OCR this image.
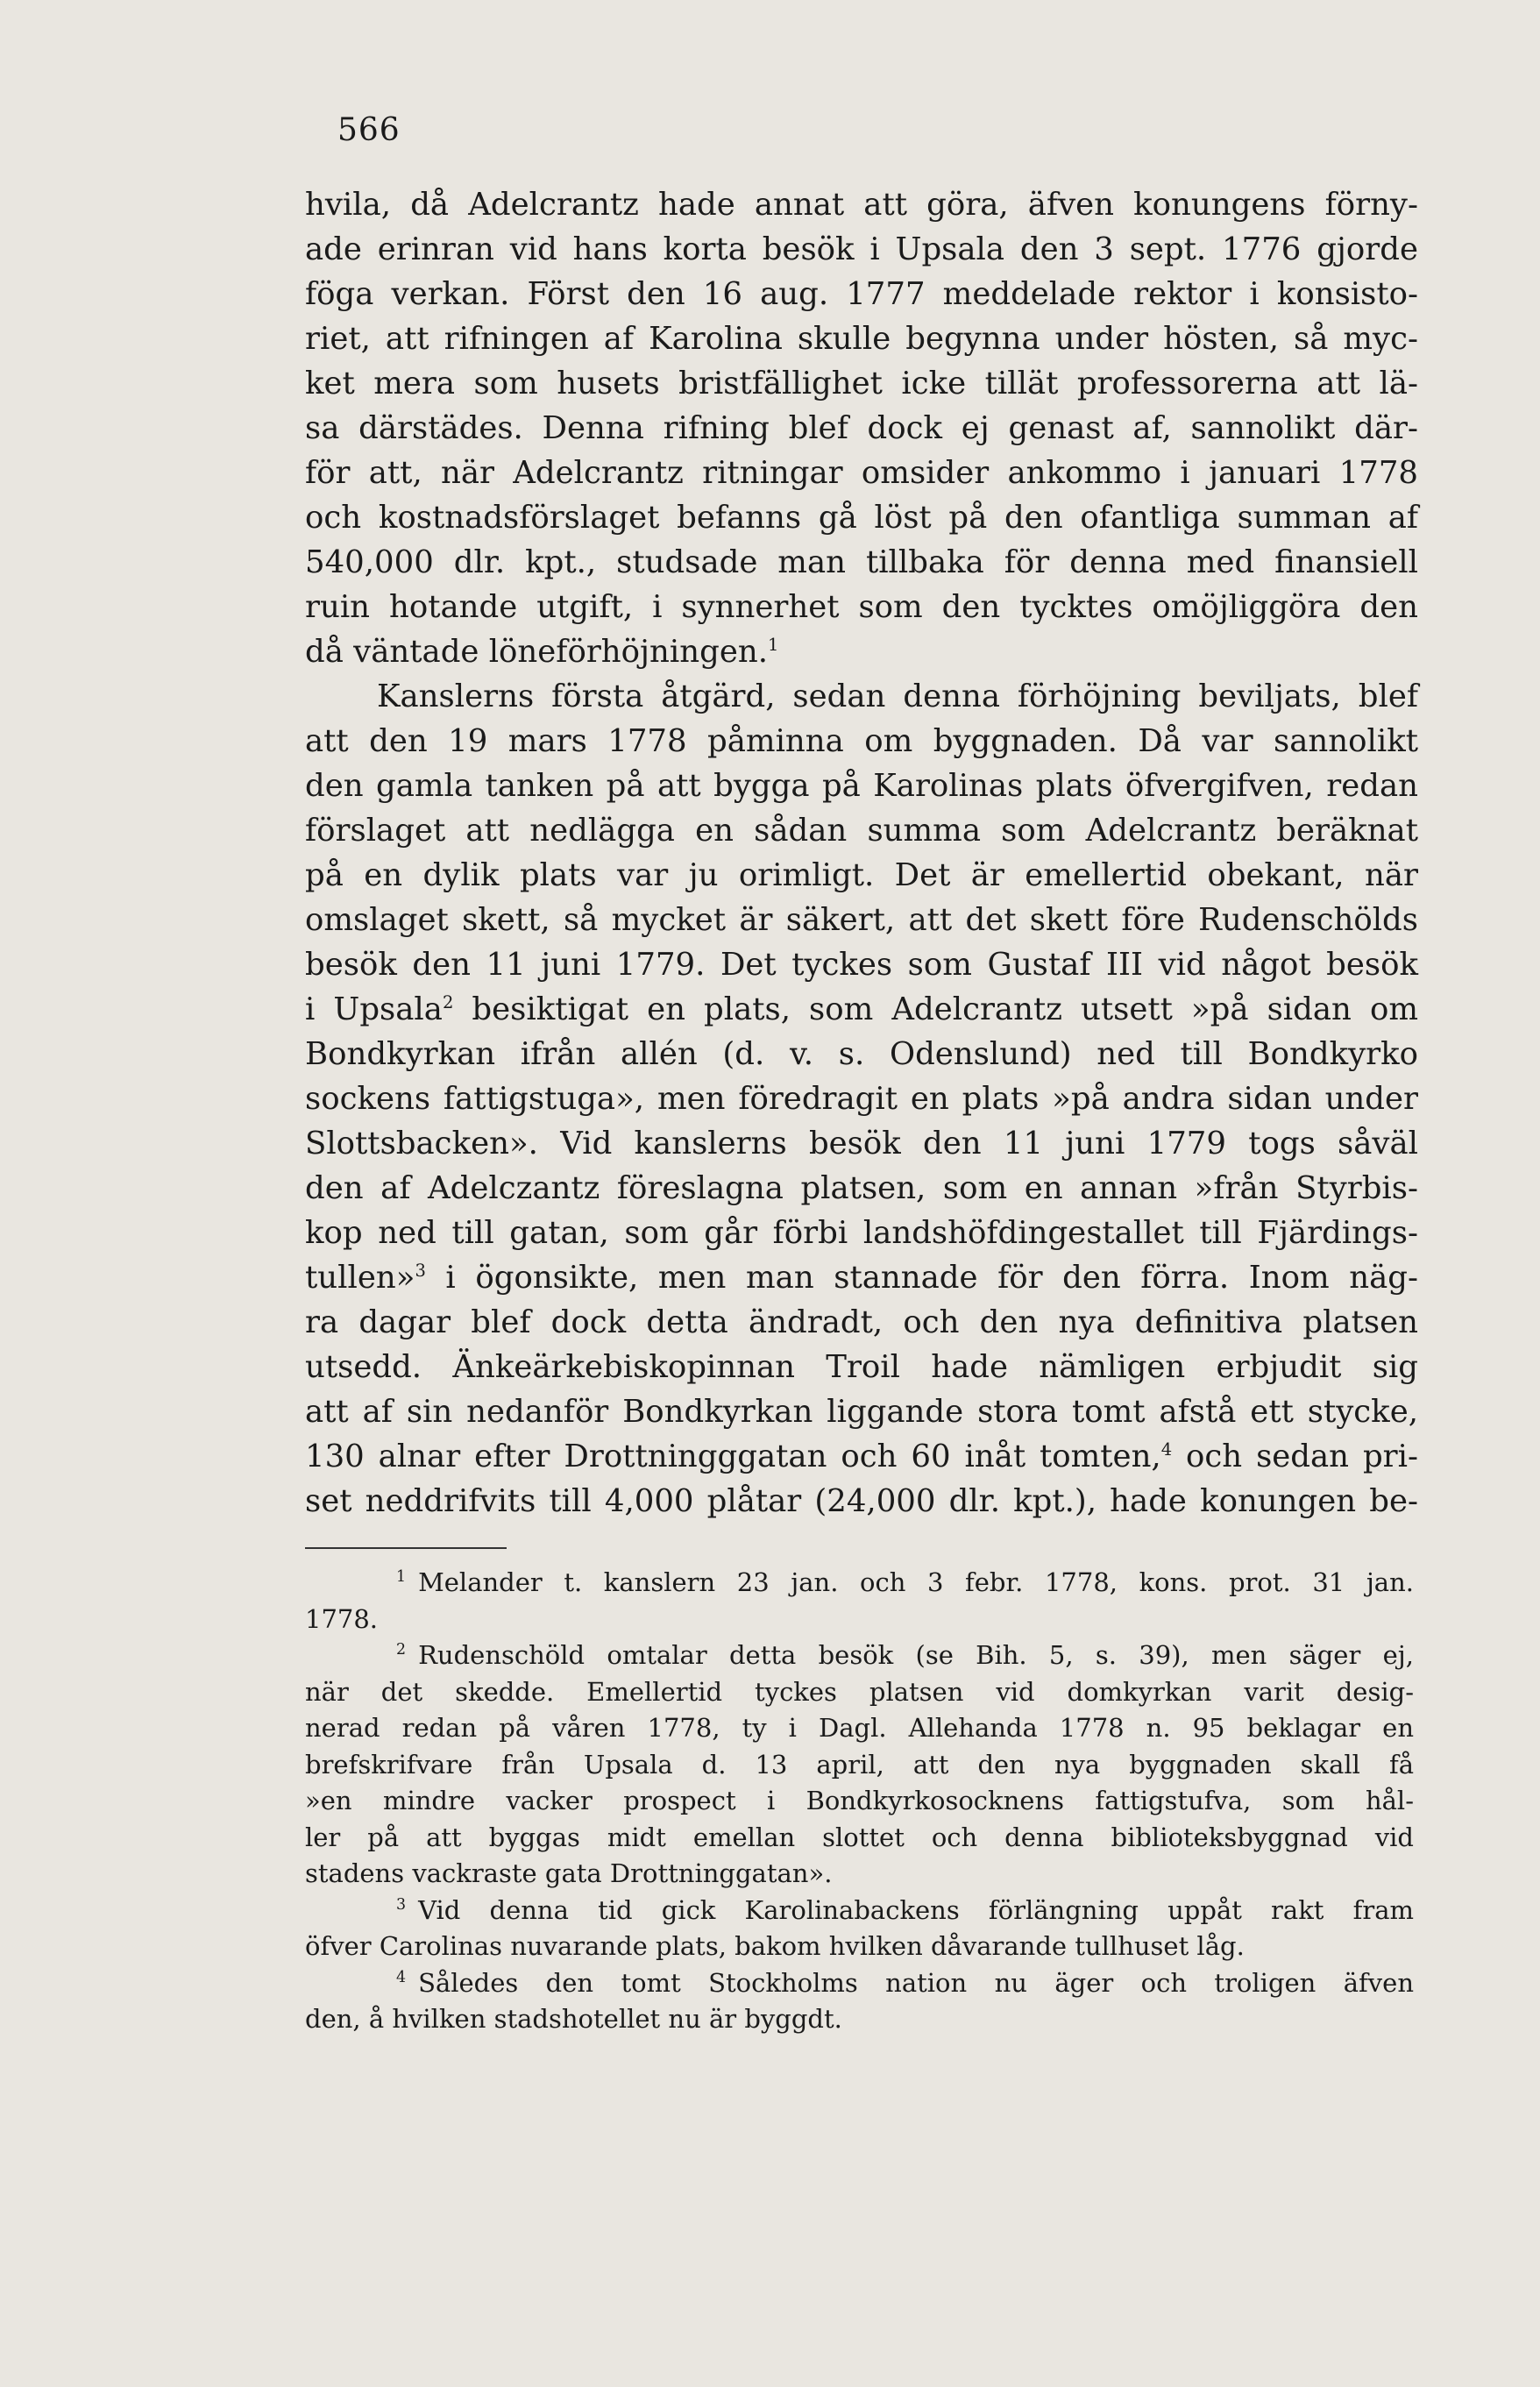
566
hvila, då Adelcrantz hade annat att göra, äfven konungens förny-
ade erinran vid hans korta besök i Upsala den 3 sept. 1776 gjorde
föga verkan. Först den 16 aug. 1777 meddelade rektor i konsisto-
riet, att rifningen af Karolina skulle begynna under hösten, så myc-
ket mera som husets bristfällighet icke tillät professorerna att lä-
sa därstädes. Denna rifning blef dock ej genast af, sannolikt där-
för att, när Adelcrantz ritningar omsider ankommo i januari 1778
och kostnadsförslaget befanns gå löst på den ofantliga summan af
540,000 dlr. kpt., studsade man tillbaka för denna med finansiell
ruin hotande utgift, i synnerhet som den tycktes omöjliggöra den
då väntade löneförhöjningen.$^1$
Kanslerns första åtgärd, sedan denna förhöjning beviljats, blef
att den 19 mars 1778 påminna om byggnaden. Då var sannolikt
den gamla tanken på att bygga på Karolinas plats öfvergifven, redan
förslaget att nedlägga en sådan summa som Adelcrantz beräknat
på en dylik plats var ju orimligt. Det är emellertid obekant, när
omslaget skett, så mycket är säkert, att det skett före Rudenschölds
besök den 11 juni 1779. Det tyckes som Gustaf III vid något besök
i Upsala$^2$ besiktigat en plats, som Adelcrantz utsett »på sidan om
Bondkyrkan ifrån allén (d. v. s. Odenslund) ned till Bondkyrko
sockens fattigstuga», men föredragit en plats »på andra sidan under
Slottsbacken». Vid kanslerns besök den 11 juni 1779 togs såväl
den af Adelczantz föreslagna platsen, som en annan »från Styrbis-
kop ned till gatan, som går förbi landshöfdingestallet till Fjärdings-
tullen»$^3$ i ögonsikte, men man stannade för den förra. Inom näg-
ra dagar blef dock detta ändradt, och den nya definitiva platsen
utsedd. Änkeärkebiskopinnan Troil hade nämligen erbjudit sig
att af sin nedanför Bondkyrkan liggande stora tomt afstå ett stycke,
130 alnar efter Drottningggatan och 60 inåt tomten,$^4$ och sedan pri-
set neddrifvits till 4,000 plåtar (24,000 dlr. kpt.), hade konungen be-
$^1$ Melander t. kanslern 23 jan. och 3 febr. 1778, kons. prot. 31 jan.
1778.
$^2$ Rudenschöld omtalar detta besök (se Bih. 5, s. 39), men säger ej,
när det skedde. Emellertid tyckes platsen vid domkyrkan varit desig-
nerad redan på våren 1778, ty i Dagl. Allehanda 1778 n. 95 beklagar en
brefskrifvare från Upsala d. 13 april, att den nya byggnaden skall få
»en mindre vacker prospect i Bondkyrkosocknens fattigstufva, som hål-
ler på att byggas midt emellan slottet och denna biblioteksbyggnad vid
stadens vackraste gata Drottninggatan».
$^3$ Vid denna tid gick Karolinabackens förlängning uppåt rakt fram
öfver Carolinas nuvarande plats, bakom hvilken dåvarande tullhuset låg.
$^4$ Således den tomt Stockholms nation nu äger och troligen äfven
den, å hvilken stadshotellet nu är byggdt.
